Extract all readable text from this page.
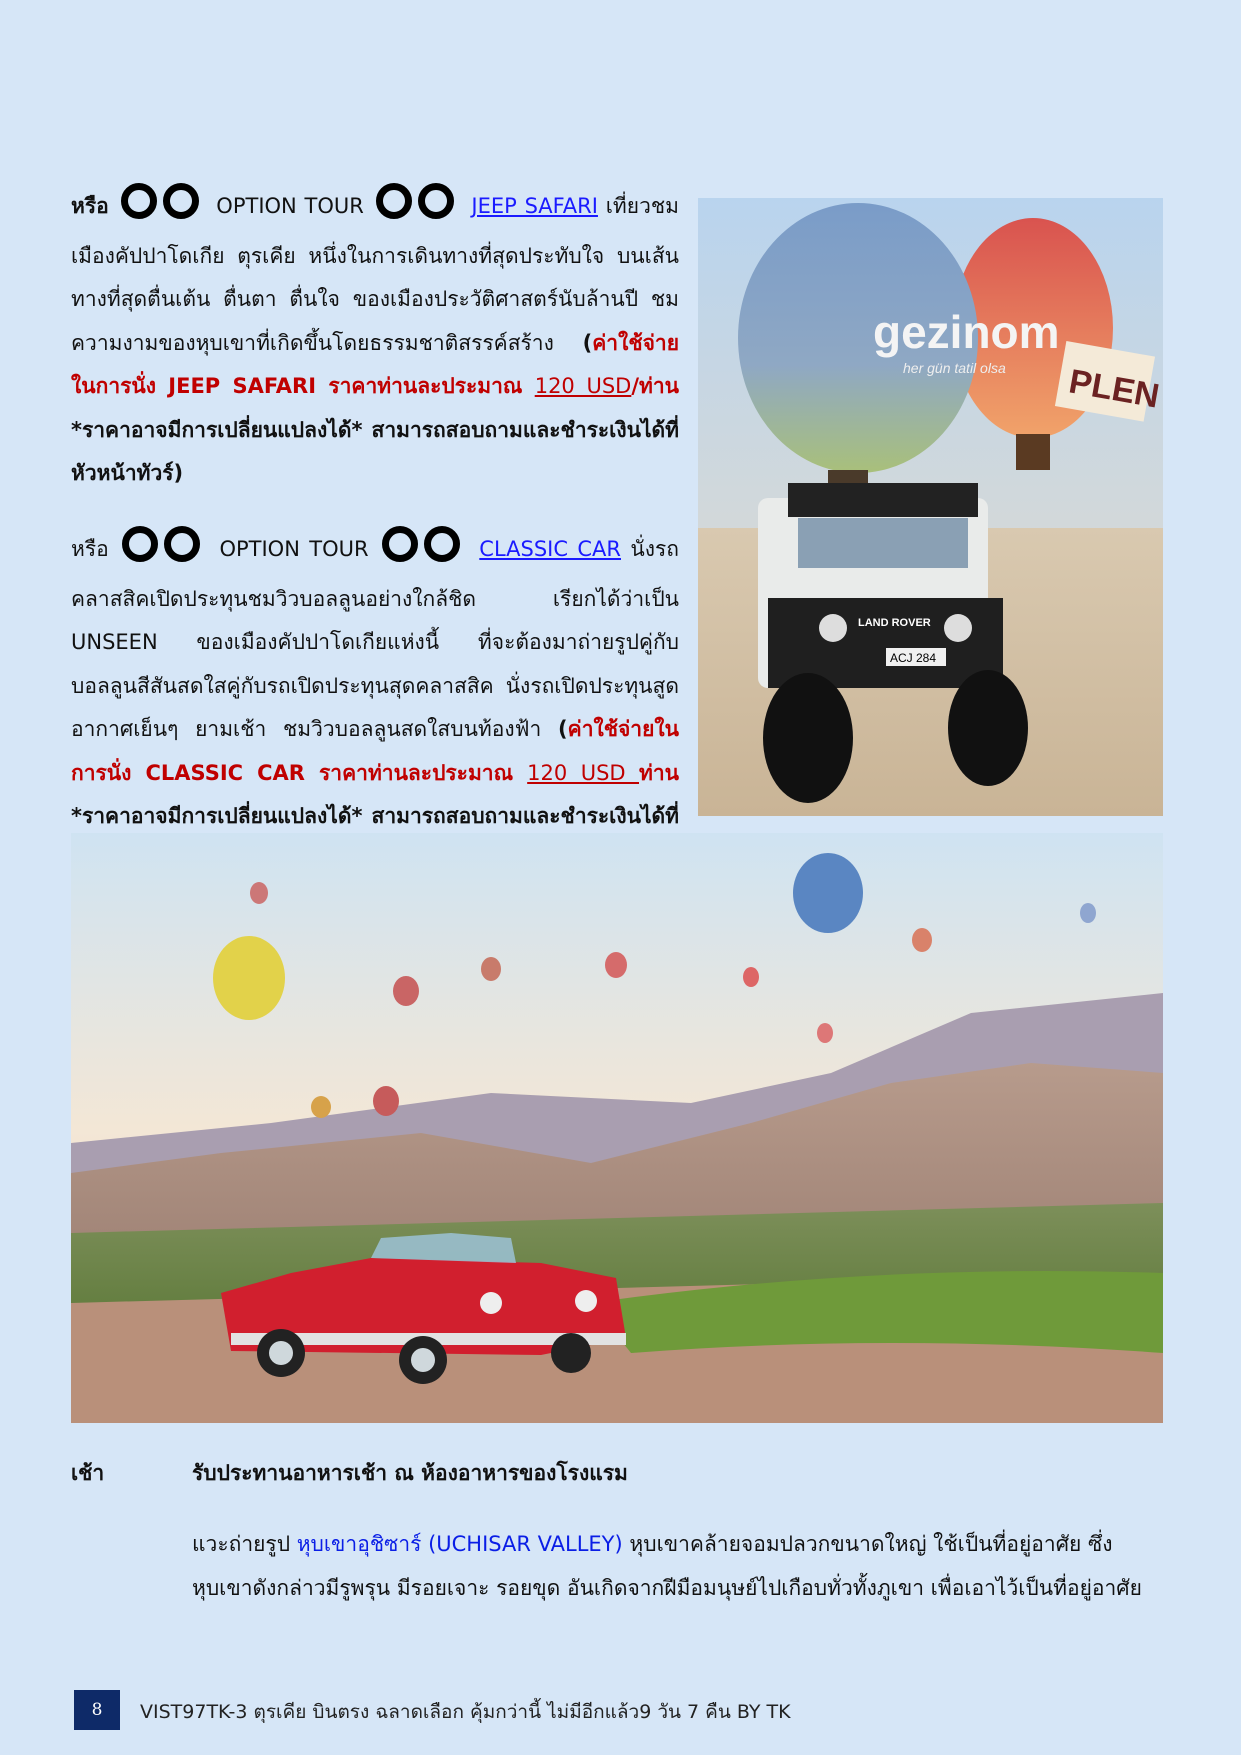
หรือ	OPTION TOUR	JEEP SAFARI เที่ยวชมเมืองคัปปาโดเกีย ตุรเคีย หนึ่งในการเดินทางที่สุดประทับใจ บนเส้นทางที่สุดตื่นเต้น ตื่นตา ตื่นใจ ของเมืองประวัติศาสตร์นับล้านปี ชมความงามของหุบเขาที่เกิดขึ้นโดยธรรมชาติสรรค์สร้าง (ค่าใช้จ่ายในการนั่ง JEEP SAFARI ราคาท่านละประมาณ 120 USD/ท่าน *ราคาอาจมีการเปลี่ยนแปลงได้* สามารถสอบถามและชำระเงินได้ที่หัวหน้าทัวร์)
หรือ	OPTION TOUR	CLASSIC CAR นั่งรถคลาสสิคเปิดประทุนชมวิวบอลลูนอย่างใกล้ชิด เรียกได้ว่าเป็น UNSEEN ของเมืองคัปปาโดเกียแห่งนี้ ที่จะต้องมาถ่ายรูปคู่กับบอลลูนสีสันสดใสคู่กับรถเปิดประทุนสุดคลาสสิค นั่งรถเปิดประทุนสูดอากาศเย็นๆ ยามเช้า ชมวิวบอลลูนสดใสบนท้องฟ้า (ค่าใช้จ่ายในการนั่ง CLASSIC CAR ราคาท่านละประมาณ 120 USD ท่าน *ราคาอาจมีการเปลี่ยนแปลงได้* สามารถสอบถามและชำระเงินได้ที่
gezinom
her gün tatil olsa PLEN
LAND ROVER
ACJ 284
เช้า	รับประทานอาหารเช้า ณ ห้องอาหารของโรงแรม
แวะถ่ายรูป หุบเขาอุชิซาร์ (UCHISAR VALLEY) หุบเขาคล้ายจอมปลวกขนาดใหญ่ ใช้เป็นที่อยู่อาศัย ซึ่งหุบเขาดังกล่าวมีรูพรุน มีรอยเจาะ รอยขุด อันเกิดจากฝีมือมนุษย์ไปเกือบทั่วทั้งภูเขา เพื่อเอาไว้เป็นที่อยู่อาศัย
8	VIST97TK-3 ตุรเคีย บินตรง ฉลาดเลือก คุ้มกว่านี้ ไม่มีอีกแล้ว9 วัน 7 คืน BY TK
